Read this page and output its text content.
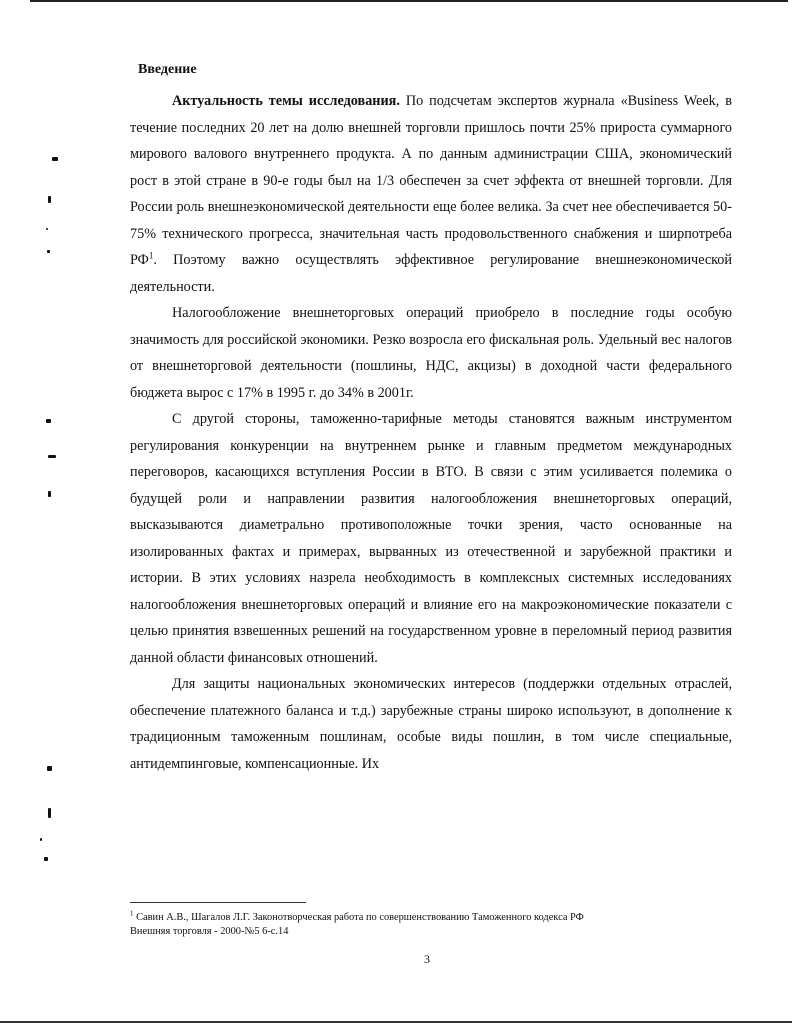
Введение

Актуальность темы исследования. По подсчетам экспертов журнала «Business Week, в течение последних 20 лет на долю внешней торговли пришлось почти 25% прироста суммарного мирового валового внутреннего продукта. А по данным администрации США, экономический рост в этой стране в 90-е годы был на 1/3 обеспечен за счет эффекта от внешней торговли. Для России роль внешнеэкономической деятельности еще более велика. За счет нее обеспечивается 50-75% технического прогресса, значительная часть продовольственного снабжения и ширпотреба $РФ^1$. Поэтому важно осуществлять эффективное регулирование внешнеэкономической деятельности.

Налогообложение внешнеторговых операций приобрело в последние годы особую значимость для российской экономики. Резко возросла его фискальная роль. Удельный вес налогов от внешнеторговой деятельности (пошлины, НДС, акцизы) в доходной части федерального бюджета вырос с 17% в 1995 г. до 34% в 2001г.

С другой стороны, таможенно-тарифные методы становятся важным инструментом регулирования конкуренции на внутреннем рынке и главным предметом международных переговоров, касающихся вступления России в ВТО. В связи с этим усиливается полемика о будущей роли и направлении развития налогообложения внешнеторговых операций, высказываются диаметрально противоположные точки зрения, часто основанные на изолированных фактах и примерах, вырванных из отечественной и зарубежной практики и истории. В этих условиях назрела необходимость в комплексных системных исследованиях налогообложения внешнеторговых операций и влияние его на макроэкономические показатели с целью принятия взвешенных решений на государственном уровне в переломный период развития данной области финансовых отношений.

Для защиты национальных экономических интересов (поддержки отдельных отраслей, обеспечение платежного баланса и т.д.) зарубежные страны широко используют, в дополнение к традиционным таможенным пошлинам, особые виды пошлин, в том числе специальные, антидемпинговые, компенсационные. Их

$^1$ Савин А.В., Шагалов Л.Г. Законотворческая работа по совершенствованию Таможенного кодекса РФ
Внешняя торговля - 2000-№5 6-с.14
3
